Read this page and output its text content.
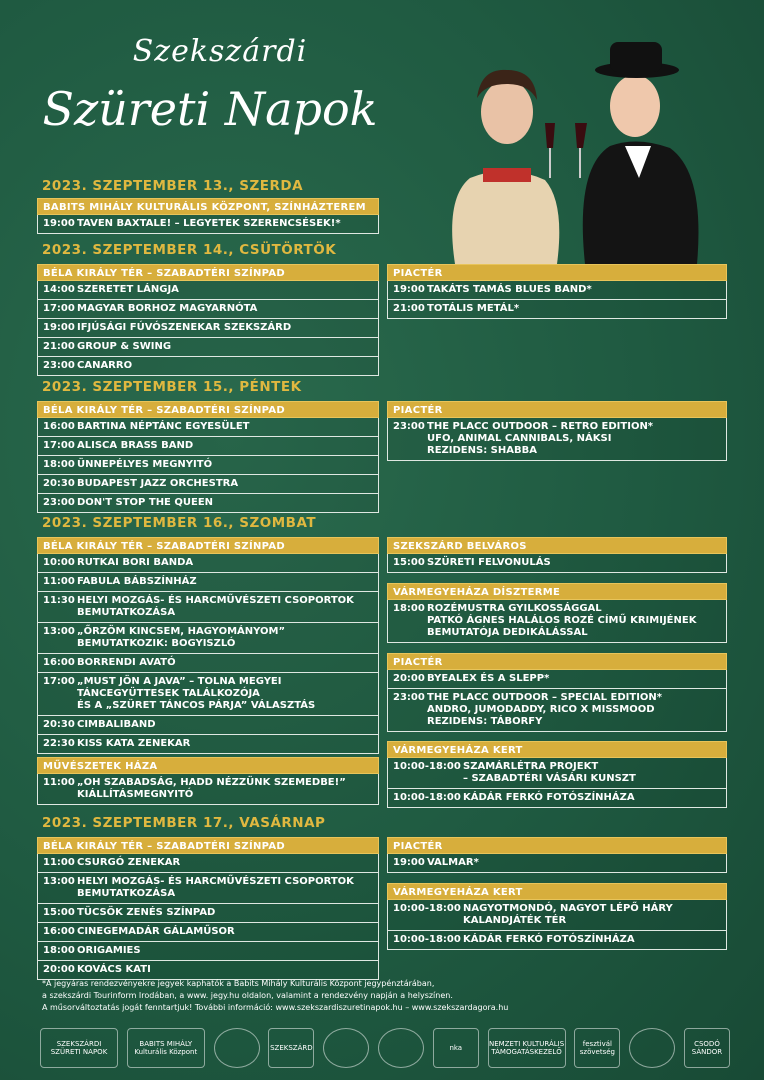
Szekszárdi
Szüreti Napok
2023. SZEPTEMBER 13., SZERDA
BABITS MIHÁLY KULTURÁLIS KÖZPONT, SZÍNHÁZTEREM
19:00 TAVEN BAXTALE! – LEGYETEK SZERENCSÉSEK!*
2023. SZEPTEMBER 14., CSÜTÖRTÖK
BÉLA KIRÁLY TÉR – SZABADTÉRI SZÍNPAD
14:00 SZERETET LÁNGJA
17:00 MAGYAR BORHOZ MAGYARNÓTA
19:00 IFJÚSÁGI FÚVÓSZENEKAR SZEKSZÁRD
21:00 GROUP & SWING
23:00 CANARRO
PIACTÉR
19:00 TAKÁTS TAMÁS BLUES BAND*
21:00 TOTÁLIS METÁL*
2023. SZEPTEMBER 15., PÉNTEK
BÉLA KIRÁLY TÉR – SZABADTÉRI SZÍNPAD
16:00 BARTINA NÉPTÁNC EGYESÜLET
17:00 ALISCA BRASS BAND
18:00 ÜNNEPÉLYES MEGNYITÓ
20:30 BUDAPEST JAZZ ORCHESTRA
23:00 DON'T STOP THE QUEEN
PIACTÉR
23:00 THE PLACC OUTDOOR – RETRO EDITION*
UFO, ANIMAL CANNIBALS, NÁKSI
REZIDENS: SHABBA
2023. SZEPTEMBER 16., SZOMBAT
BÉLA KIRÁLY TÉR – SZABADTÉRI SZÍNPAD
10:00 RUTKAI BORI BANDA
11:00 FABULA BÁBSZÍNHÁZ
11:30 HELYI MOZGÁS- ÉS HARCMŰVÉSZETI CSOPORTOK
BEMUTATKOZÁSA
13:00 „ŐRZÖM KINCSEM, HAGYOMÁNYOM”
BEMUTATKOZIK: BOGYISZLÓ
16:00 BORRENDI AVATÓ
17:00 „MUST JÖN A JAVA” – TOLNA MEGYEI
TÁNCEGYÜTTESEK TALÁLKOZÓJA
ÉS A „SZÜRET TÁNCOS PÁRJA” VÁLASZTÁS
20:30 CIMBALIBAND
22:30 KISS KATA ZENEKAR
MŰVÉSZETEK HÁZA
11:00 „OH SZABADSÁG, HADD NÉZZÜNK SZEMEDBE!”
KIÁLLÍTÁSMEGNYITÓ
SZEKSZÁRD BELVÁROS
15:00 SZÜRETI FELVONULÁS
VÁRMEGYEHÁZA DÍSZTERME
18:00 ROZÉMUSTRA GYILKOSSÁGGAL
PATKÓ ÁGNES HALÁLOS ROZÉ CÍMŰ KRIMIJÉNEK
BEMUTATÓJA DEDIKÁLÁSSAL
PIACTÉR
20:00 BYEALEX ÉS A SLEPP*
23:00 THE PLACC OUTDOOR – SPECIAL EDITION*
ANDRO, JUMODADDY, RICO X MISSMOOD
REZIDENS: TÁBORFY
VÁRMEGYEHÁZA KERT
10:00-18:00 SZAMÁRLÉTRA PROJEKT
– SZABADTÉRI VÁSÁRI KUNSZT
10:00-18:00 KÁDÁR FERKÓ FOTÓSZÍNHÁZA
2023. SZEPTEMBER 17., VASÁRNAP
BÉLA KIRÁLY TÉR – SZABADTÉRI SZÍNPAD
11:00 CSURGÓ ZENEKAR
13:00 HELYI MOZGÁS- ÉS HARCMŰVÉSZETI CSOPORTOK
BEMUTATKOZÁSA
15:00 TÜCSÖK ZENÉS SZÍNPAD
16:00 CINEGEMADÁR GÁLAMŰSOR
18:00 ORIGAMIES
20:00 KOVÁCS KATI
PIACTÉR
19:00 VALMAR*
VÁRMEGYEHÁZA KERT
10:00-18:00 NAGYOTMONDÓ, NAGYOT LÉPŐ HÁRY
KALANDJÁTÉK TÉR
10:00-18:00 KÁDÁR FERKÓ FOTÓSZÍNHÁZA
*A jegyáras rendezvényekre jegyek kaphatók a Babits Mihály Kulturális Központ jegypénztárában,
a szekszárdi Tourinform Irodában, a www. jegy.hu oldalon, valamint a rendezvény napján a helyszínen.
A műsorváltoztatás jogát fenntartjuk! További információ: www.szekszardiszuretinapok.hu – www.szekszardagora.hu
SZEKSZÁRDI SZÜRETI NAPOK
BABITS MIHÁLY Kulturális Központ	SZEKSZÁRD	nka	NEMZETI KULTURÁLIS TÁMOGATÁSKEZELŐ
fesztivál szövetség
CSODÓ SÁNDOR
